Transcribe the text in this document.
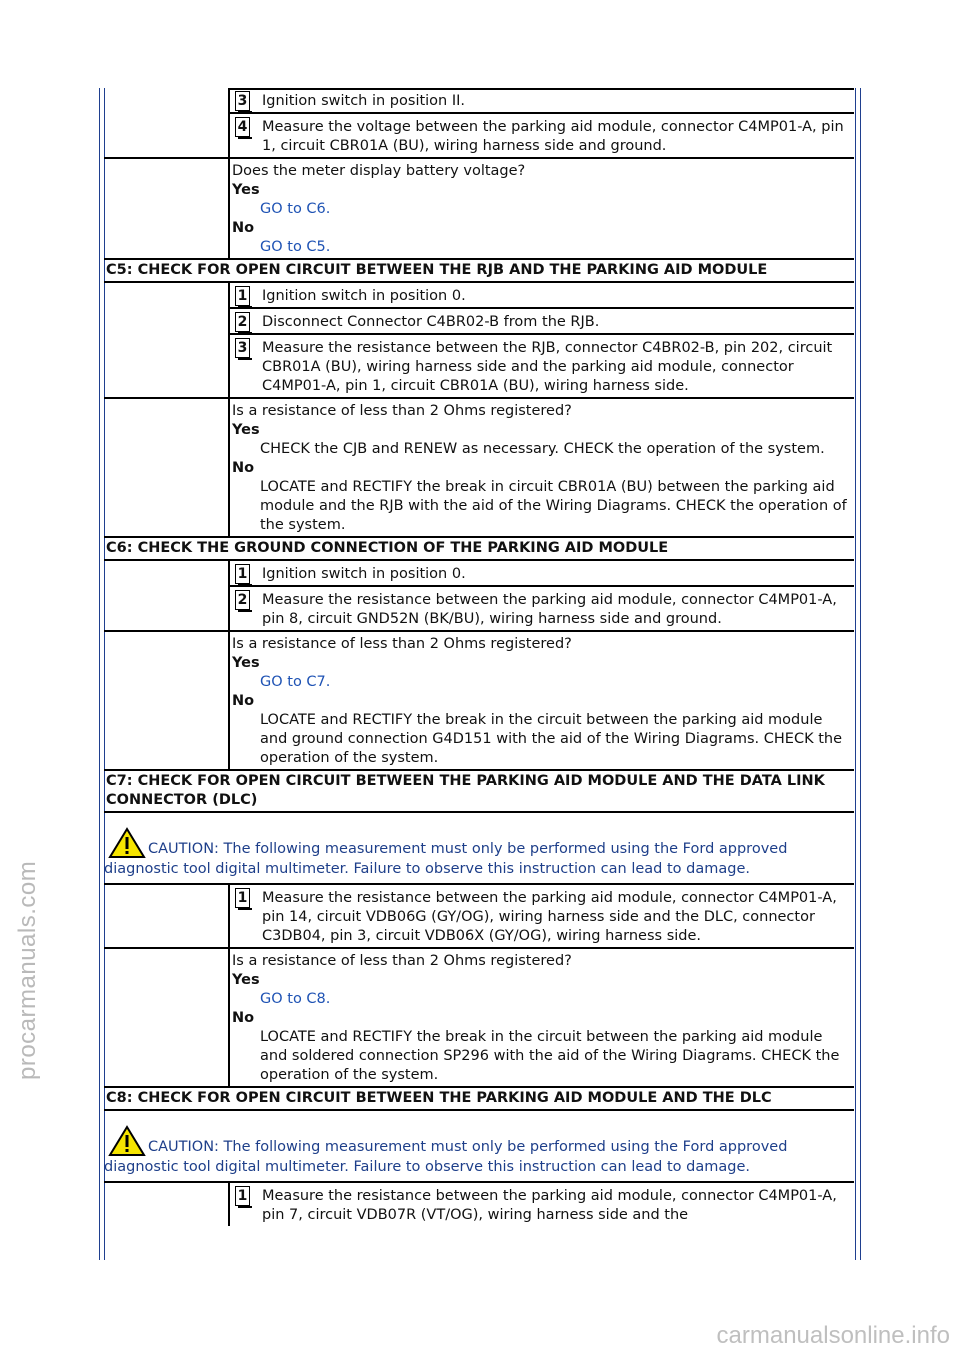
procarmanuals.com
carmanualsonline.info
3 Ignition switch in position II.
4 Measure the voltage between the parking aid module, connector C4MP01-A, pin 1, circuit CBR01A (BU), wiring harness side and ground.
Does the meter display battery voltage?
Yes
GO to C6.
No
GO to C5.
C5: CHECK FOR OPEN CIRCUIT BETWEEN THE RJB AND THE PARKING AID MODULE
1 Ignition switch in position 0.
2 Disconnect Connector C4BR02-B from the RJB.
3 Measure the resistance between the RJB, connector C4BR02-B, pin 202, circuit CBR01A (BU), wiring harness side and the parking aid module, connector C4MP01-A, pin 1, circuit CBR01A (BU), wiring harness side.
Is a resistance of less than 2 Ohms registered?
Yes
CHECK the CJB and RENEW as necessary. CHECK the operation of the system.
No
LOCATE and RECTIFY the break in circuit CBR01A (BU) between the parking aid module and the RJB with the aid of the Wiring Diagrams. CHECK the operation of the system.
C6: CHECK THE GROUND CONNECTION OF THE PARKING AID MODULE
1 Ignition switch in position 0.
2 Measure the resistance between the parking aid module, connector C4MP01-A, pin 8, circuit GND52N (BK/BU), wiring harness side and ground.
Is a resistance of less than 2 Ohms registered?
Yes
GO to C7.
No
LOCATE and RECTIFY the break in the circuit between the parking aid module and ground connection G4D151 with the aid of the Wiring Diagrams. CHECK the operation of the system.
C7: CHECK FOR OPEN CIRCUIT BETWEEN THE PARKING AID MODULE AND THE DATA LINK CONNECTOR (DLC)
CAUTION: The following measurement must only be performed using the Ford approved diagnostic tool digital multimeter. Failure to observe this instruction can lead to damage.
1 Measure the resistance between the parking aid module, connector C4MP01-A, pin 14, circuit VDB06G (GY/OG), wiring harness side and the DLC, connector C3DB04, pin 3, circuit VDB06X (GY/OG), wiring harness side.
Is a resistance of less than 2 Ohms registered?
Yes
GO to C8.
No
LOCATE and RECTIFY the break in the circuit between the parking aid module and soldered connection SP296 with the aid of the Wiring Diagrams. CHECK the operation of the system.
C8: CHECK FOR OPEN CIRCUIT BETWEEN THE PARKING AID MODULE AND THE DLC
CAUTION: The following measurement must only be performed using the Ford approved diagnostic tool digital multimeter. Failure to observe this instruction can lead to damage.
1 Measure the resistance between the parking aid module, connector C4MP01-A, pin 7, circuit VDB07R (VT/OG), wiring harness side and the
